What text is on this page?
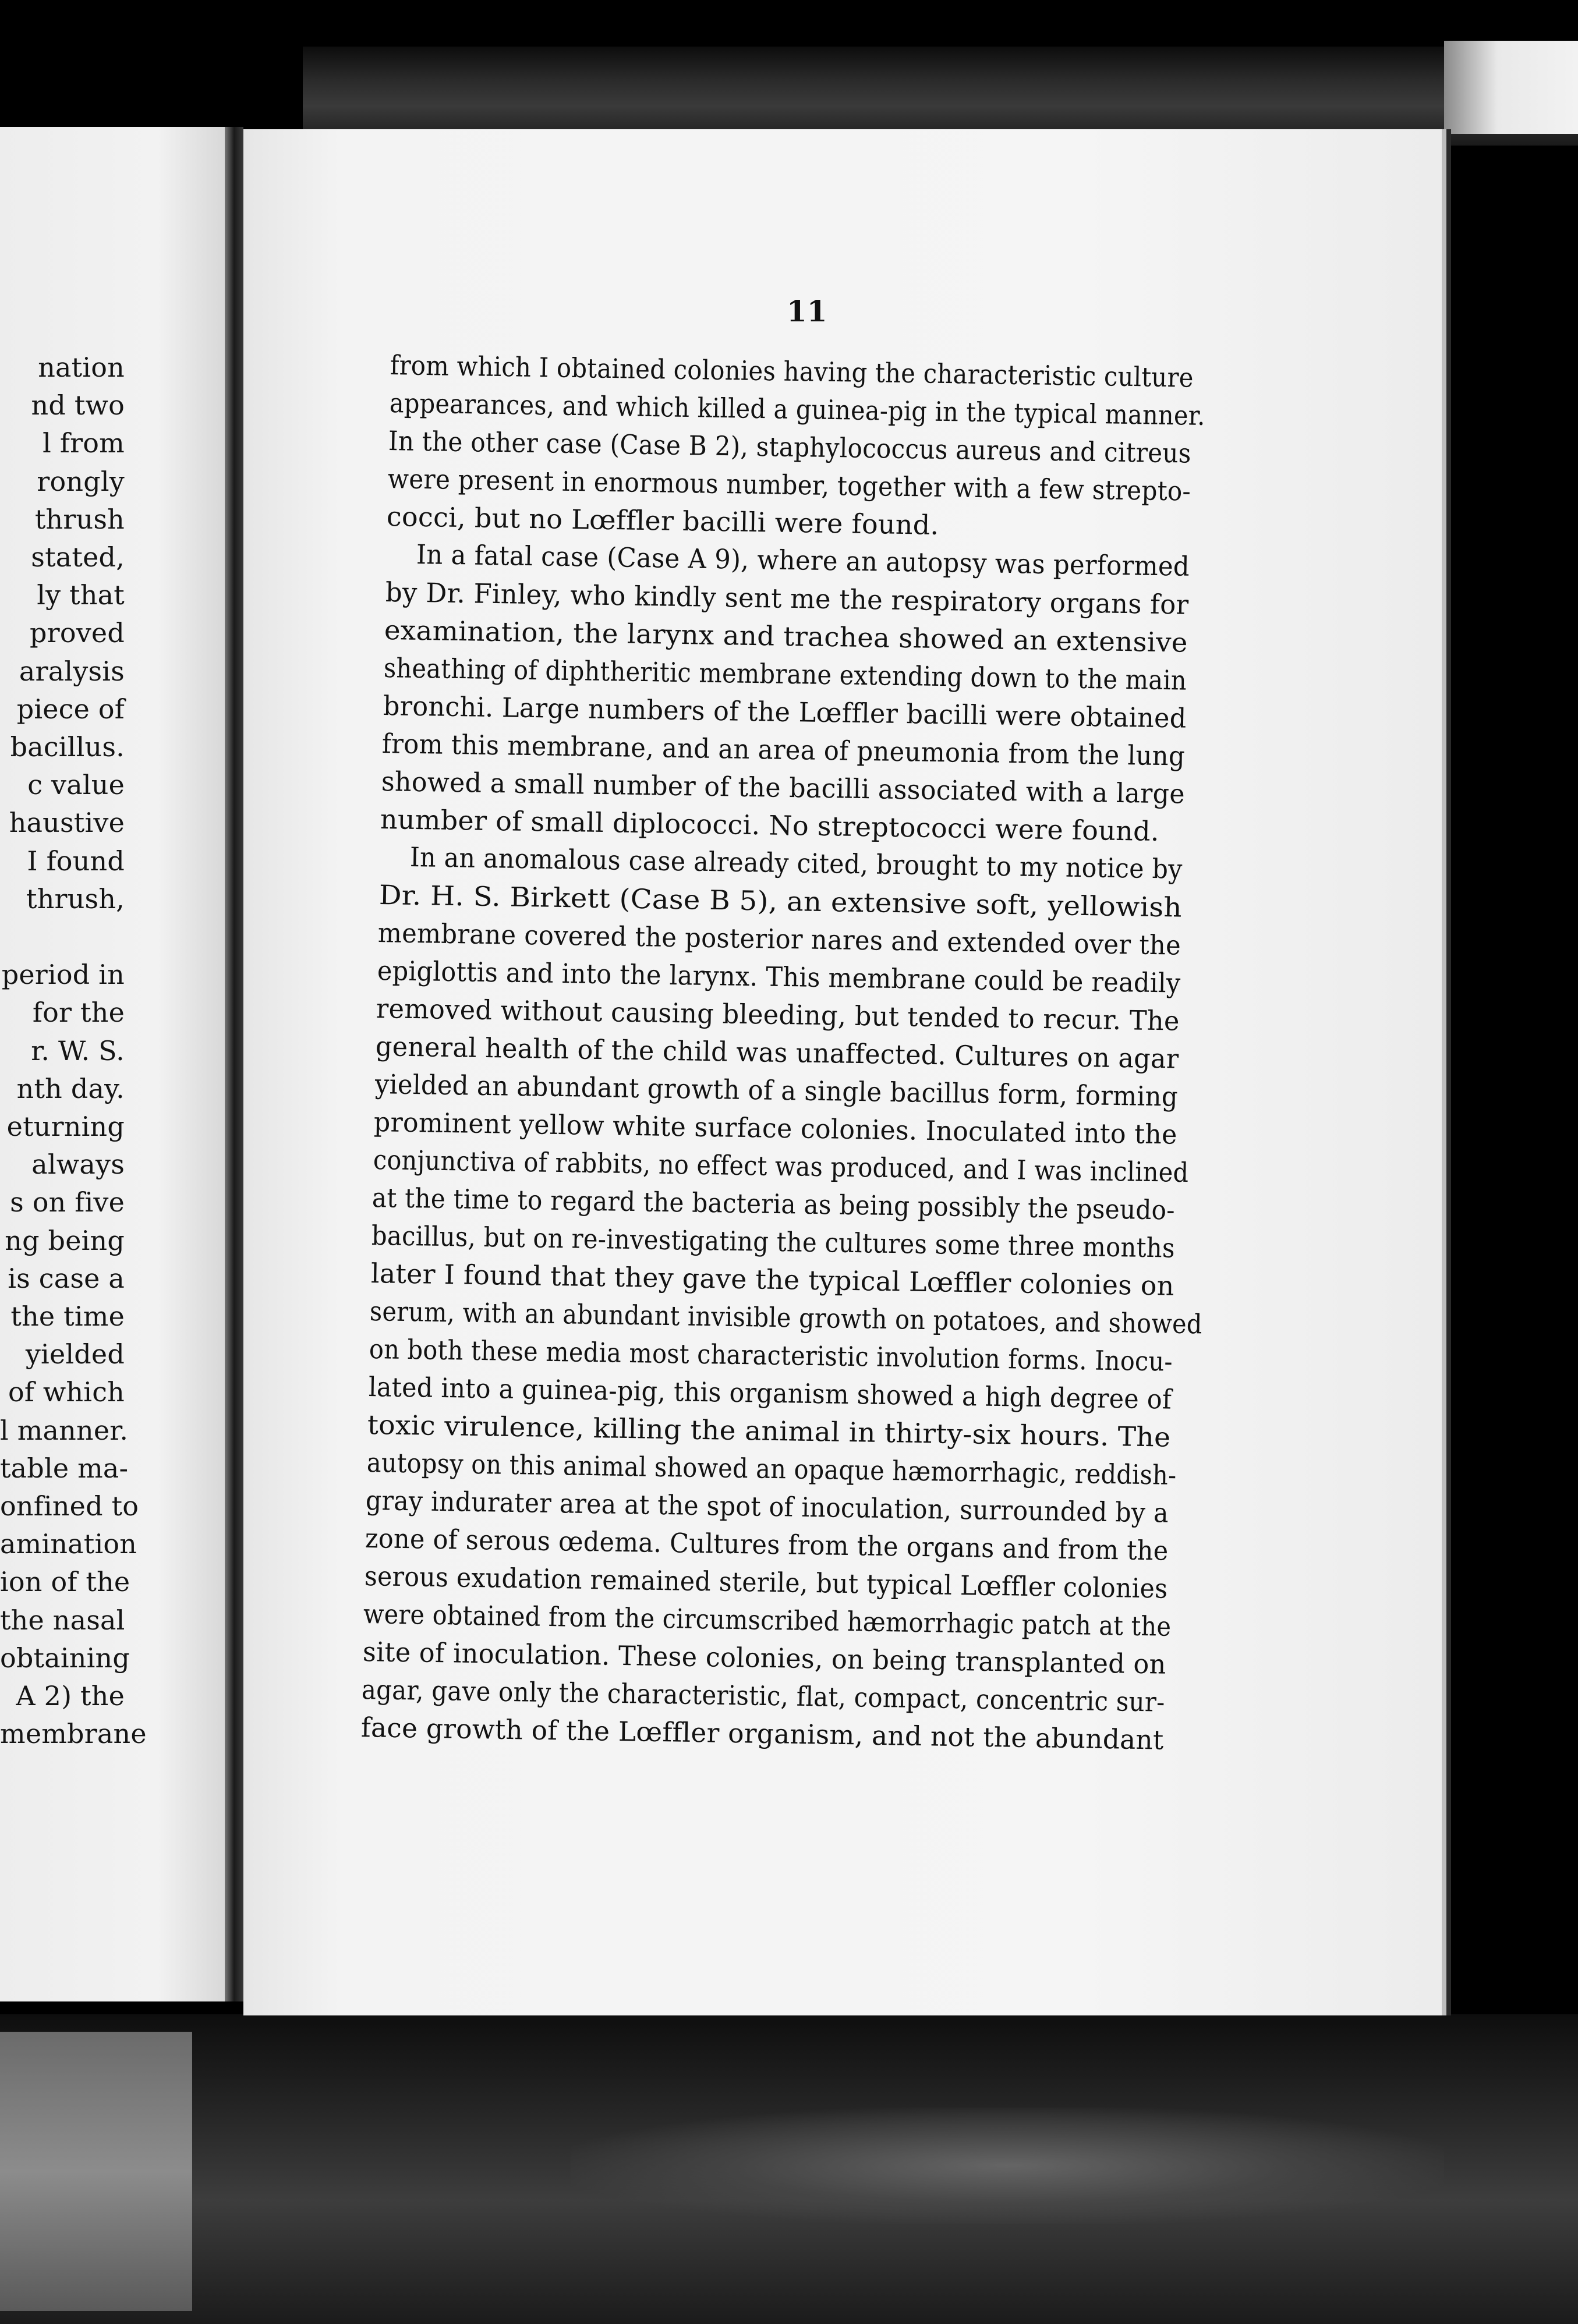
nation
nd two
l from
rongly
thrush
stated,
ly that
proved
aralysis
piece of
bacillus.
c value
haustive
I found
thrush,
period in
for the
r. W. S.
nth day.
eturning
always
s on five
ng being
is case a
the time
yielded
of which
l manner.
table ma-
onfined to
amination
ion of the
the nasal
obtaining
A 2) the
membrane
11
from which I obtained colonies having the characteristic culture
appearances, and which killed a guinea-pig in the typical manner.
In the other case (Case B 2), staphylococcus aureus and citreus
were present in enormous number, together with a few strepto-
cocci, but no Lœffler bacilli were found.
In a fatal case (Case A 9), where an autopsy was performed
by Dr. Finley, who kindly sent me the respiratory organs for
examination, the larynx and trachea showed an extensive
sheathing of diphtheritic membrane extending down to the main
bronchi. Large numbers of the Lœffler bacilli were obtained
from this membrane, and an area of pneumonia from the lung
showed a small number of the bacilli associated with a large
number of small diplococci. No streptococci were found.
In an anomalous case already cited, brought to my notice by
Dr. H. S. Birkett (Case B 5), an extensive soft, yellowish
membrane covered the posterior nares and extended over the
epiglottis and into the larynx. This membrane could be readily
removed without causing bleeding, but tended to recur. The
general health of the child was unaffected. Cultures on agar
yielded an abundant growth of a single bacillus form, forming
prominent yellow white surface colonies. Inoculated into the
conjunctiva of rabbits, no effect was produced, and I was inclined
at the time to regard the bacteria as being possibly the pseudo-
bacillus, but on re-investigating the cultures some three months
later I found that they gave the typical Lœffler colonies on
serum, with an abundant invisible growth on potatoes, and showed
on both these media most characteristic involution forms. Inocu-
lated into a guinea-pig, this organism showed a high degree of
toxic virulence, killing the animal in thirty-six hours. The
autopsy on this animal showed an opaque hæmorrhagic, reddish-
gray indurater area at the spot of inoculation, surrounded by a
zone of serous œdema. Cultures from the organs and from the
serous exudation remained sterile, but typical Lœffler colonies
were obtained from the circumscribed hæmorrhagic patch at the
site of inoculation. These colonies, on being transplanted on
agar, gave only the characteristic, flat, compact, concentric sur-
face growth of the Lœffler organism, and not the abundant
